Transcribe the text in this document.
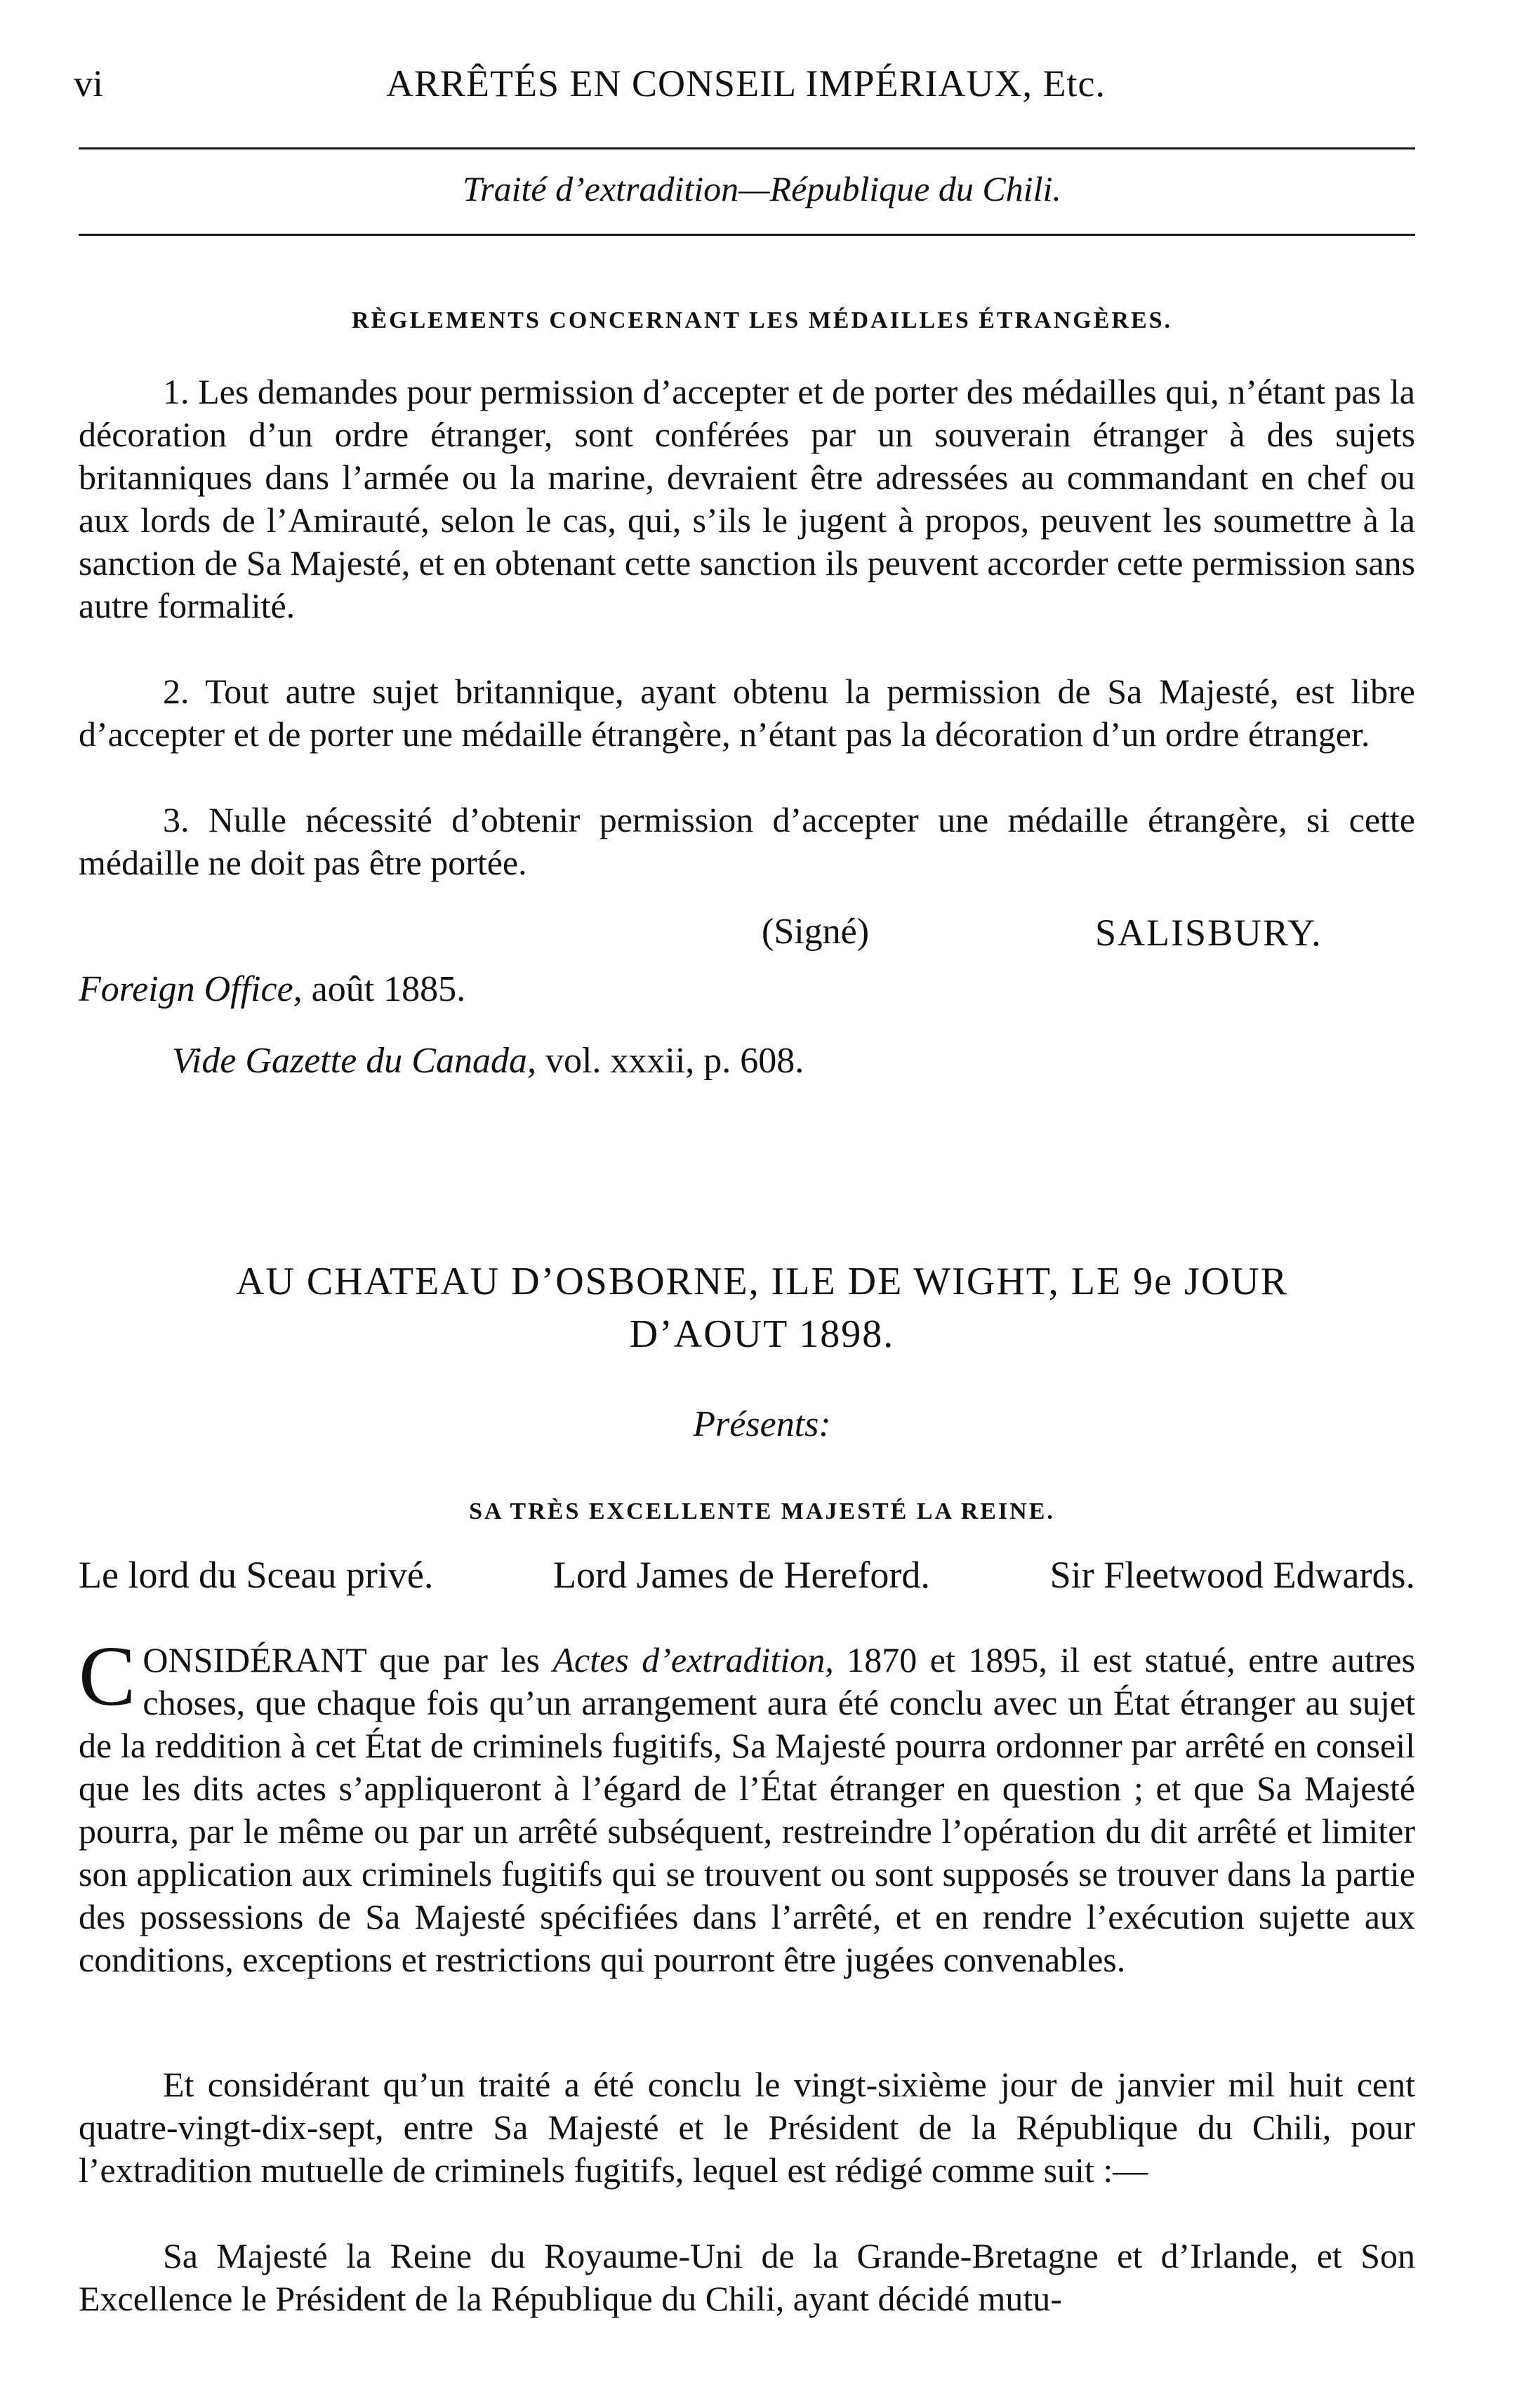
vi	ARRÊTÉS EN CONSEIL IMPÉRIAUX, Etc.
Traité d’extradition—République du Chili.
RÈGLEMENTS CONCERNANT LES MÉDAILLES ÉTRANGÈRES.

1. Les demandes pour permission d’accepter et de porter des médailles qui, n’étant pas la décoration d’un ordre étranger, sont conférées par un souverain étranger à des sujets britanniques dans l’armée ou la marine, devraient être adressées au commandant en chef ou aux lords de l’Amirauté, selon le cas, qui, s’ils le jugent à propos, peuvent les soumettre à la sanction de Sa Majesté, et en obtenant cette sanction ils peuvent accorder cette permission sans autre formalité.

2. Tout autre sujet britannique, ayant obtenu la permission de Sa Majesté, est libre d’accepter et de porter une médaille étrangère, n’étant pas la décoration d’un ordre étranger.

3. Nulle nécessité d’obtenir permission d’accepter une médaille étrangère, si cette médaille ne doit pas être portée.

(Signé)	SALISBURY.
Foreign Office, août 1885.
Vide Gazette du Canada, vol. xxxii, p. 608.
AU CHATEAU D’OSBORNE, ILE DE WIGHT, LE 9e JOUR
D’AOUT 1898.
Présents:
SA TRÈS EXCELLENTE MAJESTÉ LA REINE.
Le lord du Sceau privé.	Lord James de Hereford.	Sir Fleetwood Edwards.

C ONSIDÉRANT que par les Actes d’extradition, 1870 et 1895, il est statué, entre autres choses, que chaque fois qu’un arrangement aura été conclu avec un État étranger au sujet de la reddition à cet État de criminels fugitifs, Sa Majesté pourra ordonner par arrêté en conseil que les dits actes s’appliqueront à l’égard de l’État étranger en question ; et que Sa Majesté pourra, par le même ou par un arrêté subséquent, restreindre l’opération du dit arrêté et limiter son application aux criminels fugitifs qui se trouvent ou sont supposés se trouver dans la partie des possessions de Sa Majesté spécifiées dans l’arrêté, et en rendre l’exécution sujette aux conditions, exceptions et restrictions qui pourront être jugées convenables.

Et considérant qu’un traité a été conclu le vingt-sixième jour de janvier mil huit cent quatre-vingt-dix-sept, entre Sa Majesté et le Président de la République du Chili, pour l’extradition mutuelle de criminels fugitifs, lequel est rédigé comme suit :—

Sa Majesté la Reine du Royaume-Uni de la Grande-Bretagne et d’Irlande, et Son Excellence le Président de la République du Chili, ayant décidé mutu-
